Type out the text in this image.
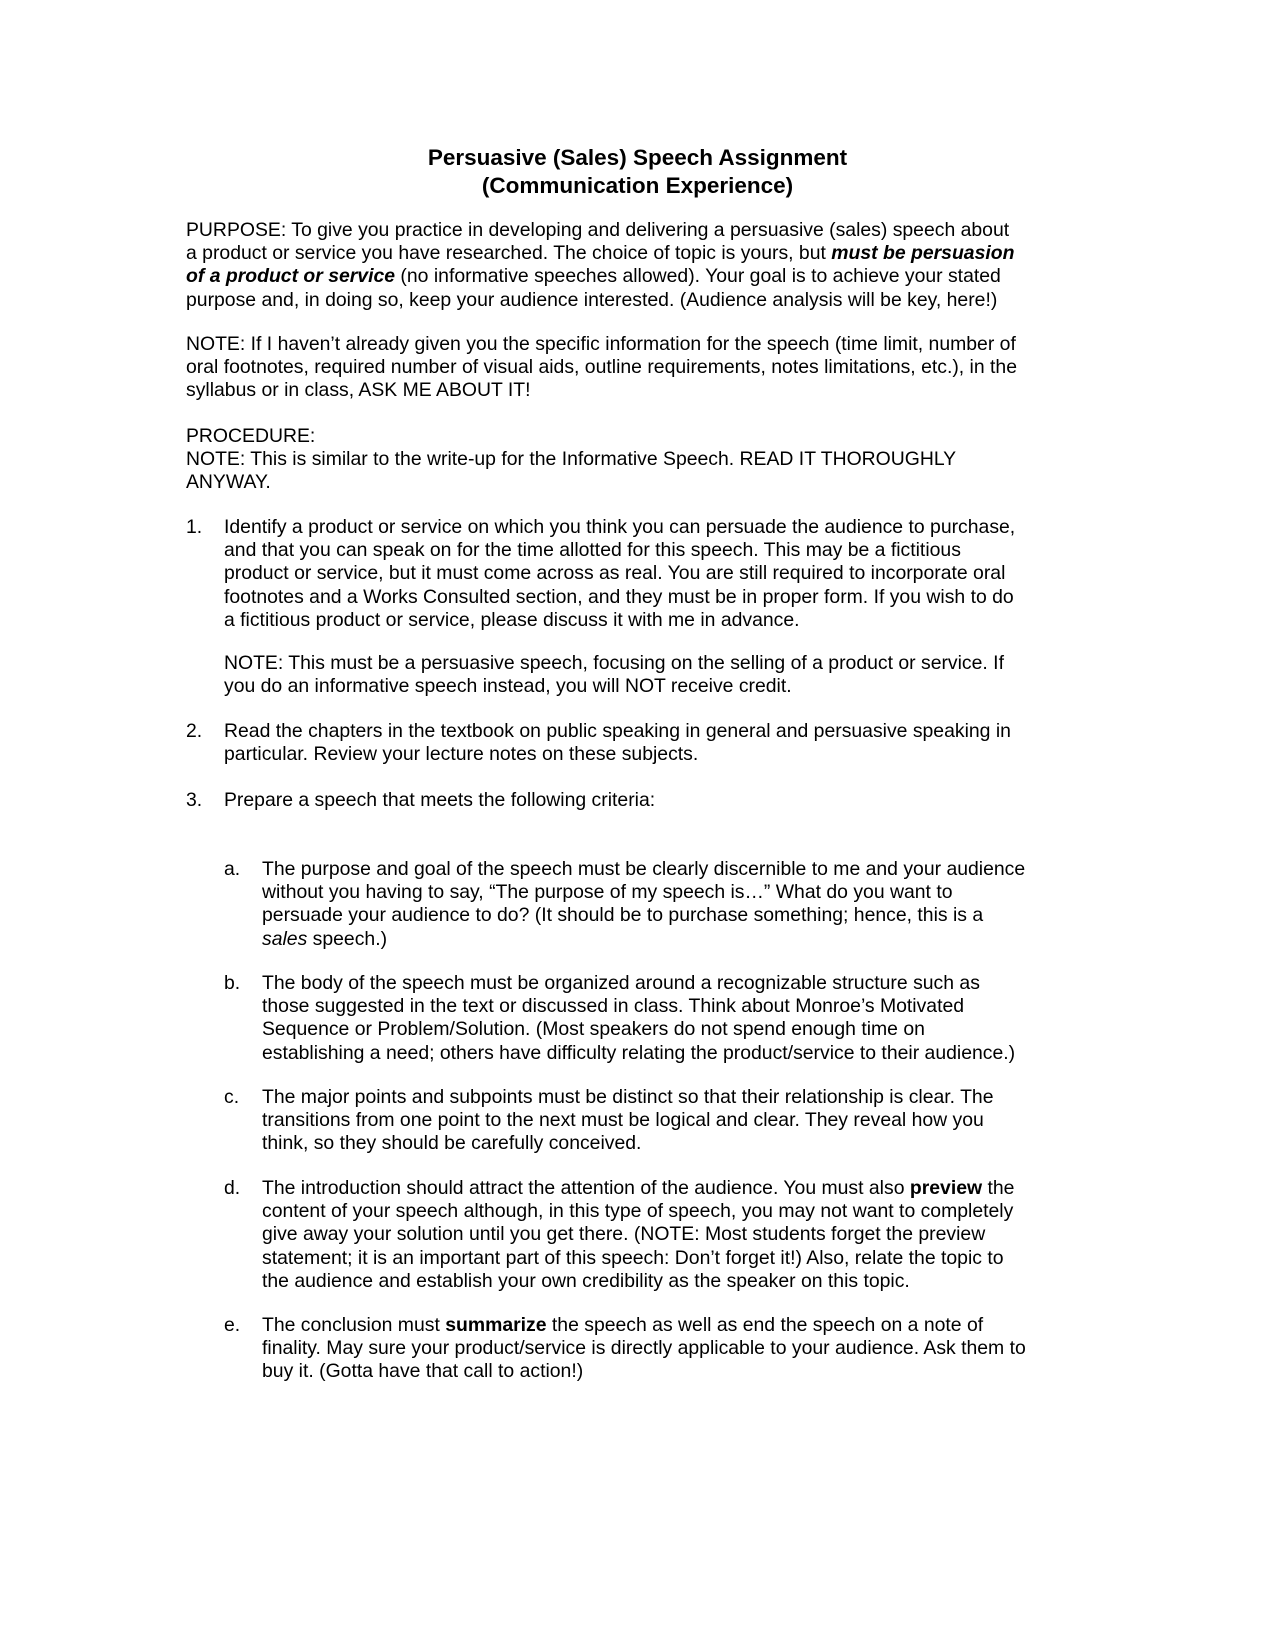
Persuasive (Sales) Speech Assignment
(Communication Experience)
PURPOSE: To give you practice in developing and delivering a persuasive (sales) speech about
a product or service you have researched. The choice of topic is yours, but must be persuasion
of a product or service (no informative speeches allowed). Your goal is to achieve your stated
purpose and, in doing so, keep your audience interested. (Audience analysis will be key, here!)
NOTE: If I haven’t already given you the specific information for the speech (time limit, number of
oral footnotes, required number of visual aids, outline requirements, notes limitations, etc.), in the
syllabus or in class, ASK ME ABOUT IT!
PROCEDURE:
NOTE: This is similar to the write-up for the Informative Speech. READ IT THOROUGHLY
ANYWAY.
1. Identify a product or service on which you think you can persuade the audience to purchase,
and that you can speak on for the time allotted for this speech. This may be a fictitious
product or service, but it must come across as real. You are still required to incorporate oral
footnotes and a Works Consulted section, and they must be in proper form. If you wish to do
a fictitious product or service, please discuss it with me in advance.
NOTE: This must be a persuasive speech, focusing on the selling of a product or service. If
you do an informative speech instead, you will NOT receive credit.
2. Read the chapters in the textbook on public speaking in general and persuasive speaking in
particular. Review your lecture notes on these subjects.
3. Prepare a speech that meets the following criteria:
a. The purpose and goal of the speech must be clearly discernible to me and your audience
without you having to say, “The purpose of my speech is…” What do you want to
persuade your audience to do? (It should be to purchase something; hence, this is a
sales speech.)
b. The body of the speech must be organized around a recognizable structure such as
those suggested in the text or discussed in class. Think about Monroe’s Motivated
Sequence or Problem/Solution. (Most speakers do not spend enough time on
establishing a need; others have difficulty relating the product/service to their audience.)
c. The major points and subpoints must be distinct so that their relationship is clear. The
transitions from one point to the next must be logical and clear. They reveal how you
think, so they should be carefully conceived.
d. The introduction should attract the attention of the audience. You must also preview the
content of your speech although, in this type of speech, you may not want to completely
give away your solution until you get there. (NOTE: Most students forget the preview
statement; it is an important part of this speech: Don’t forget it!) Also, relate the topic to
the audience and establish your own credibility as the speaker on this topic.
e. The conclusion must summarize the speech as well as end the speech on a note of
finality. May sure your product/service is directly applicable to your audience. Ask them to
buy it. (Gotta have that call to action!)
